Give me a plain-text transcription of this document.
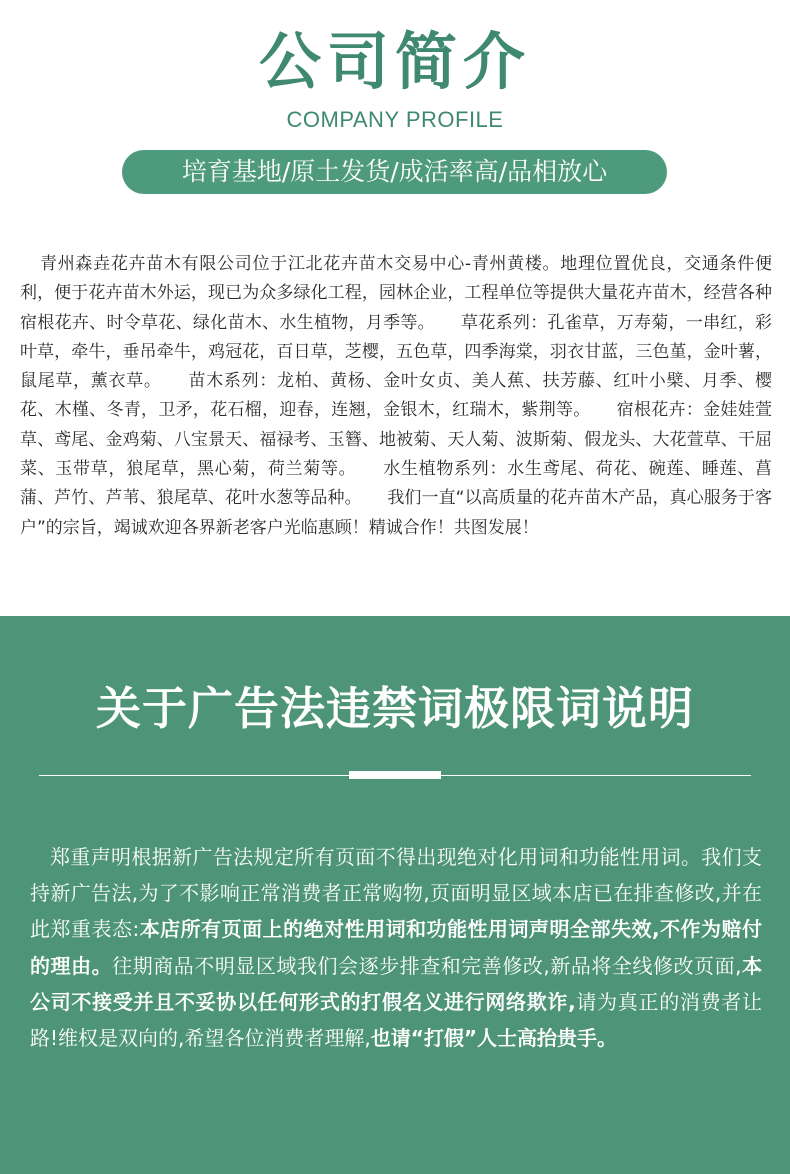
公司简介
COMPANY PROFILE
培育基地/原土发货/成活率高/品相放心

青州森垚花卉苗木有限公司位于江北花卉苗木交易中心-青州黄楼。地理位置优良，交通条件便利，便于花卉苗木外运，现已为众多绿化工程，园林企业，工程单位等提供大量花卉苗木，经营各种宿根花卉、时令草花、绿化苗木、水生植物，月季等。　　草花系列：孔雀草，万寿菊，一串红，彩叶草，牵牛，垂吊牵牛，鸡冠花，百日草，芝樱，五色草，四季海棠，羽衣甘蓝，三色堇，金叶薯，鼠尾草，薰衣草。　　苗木系列：龙柏、黄杨、金叶女贞、美人蕉、扶芳藤、红叶小檗、月季、樱花、木槿、冬青，卫矛，花石榴，迎春，连翘，金银木，红瑞木，紫荆等。　　宿根花卉：金娃娃萱草、鸢尾、金鸡菊、八宝景天、福禄考、玉簪、地被菊、天人菊、波斯菊、假龙头、大花萱草、干屈菜、玉带草，狼尾草，黑心菊，荷兰菊等。　　水生植物系列：水生鸢尾、荷花、碗莲、睡莲、菖蒲、芦竹、芦苇、狼尾草、花叶水葱等品种。　　我们一直“以高质量的花卉苗木产品，真心服务于客户”的宗旨，竭诚欢迎各界新老客户光临惠顾！精诚合作！共图发展！

关于广告法违禁词极限词说明

郑重声明根据新广告法规定所有页面不得出现绝对化用词和功能性用词。我们支持新广告法,为了不影响正常消费者正常购物,页面明显区域本店已在排查修改,并在此郑重表态:本店所有页面上的绝对性用词和功能性用词声明全部失效,不作为赔付的理由。往期商品不明显区域我们会逐步排查和完善修改,新品将全线修改页面,本公司不接受并且不妥协以任何形式的打假名义进行网络欺诈,请为真正的消费者让路!维权是双向的,希望各位消费者理解,也请“打假”人士高抬贵手。
